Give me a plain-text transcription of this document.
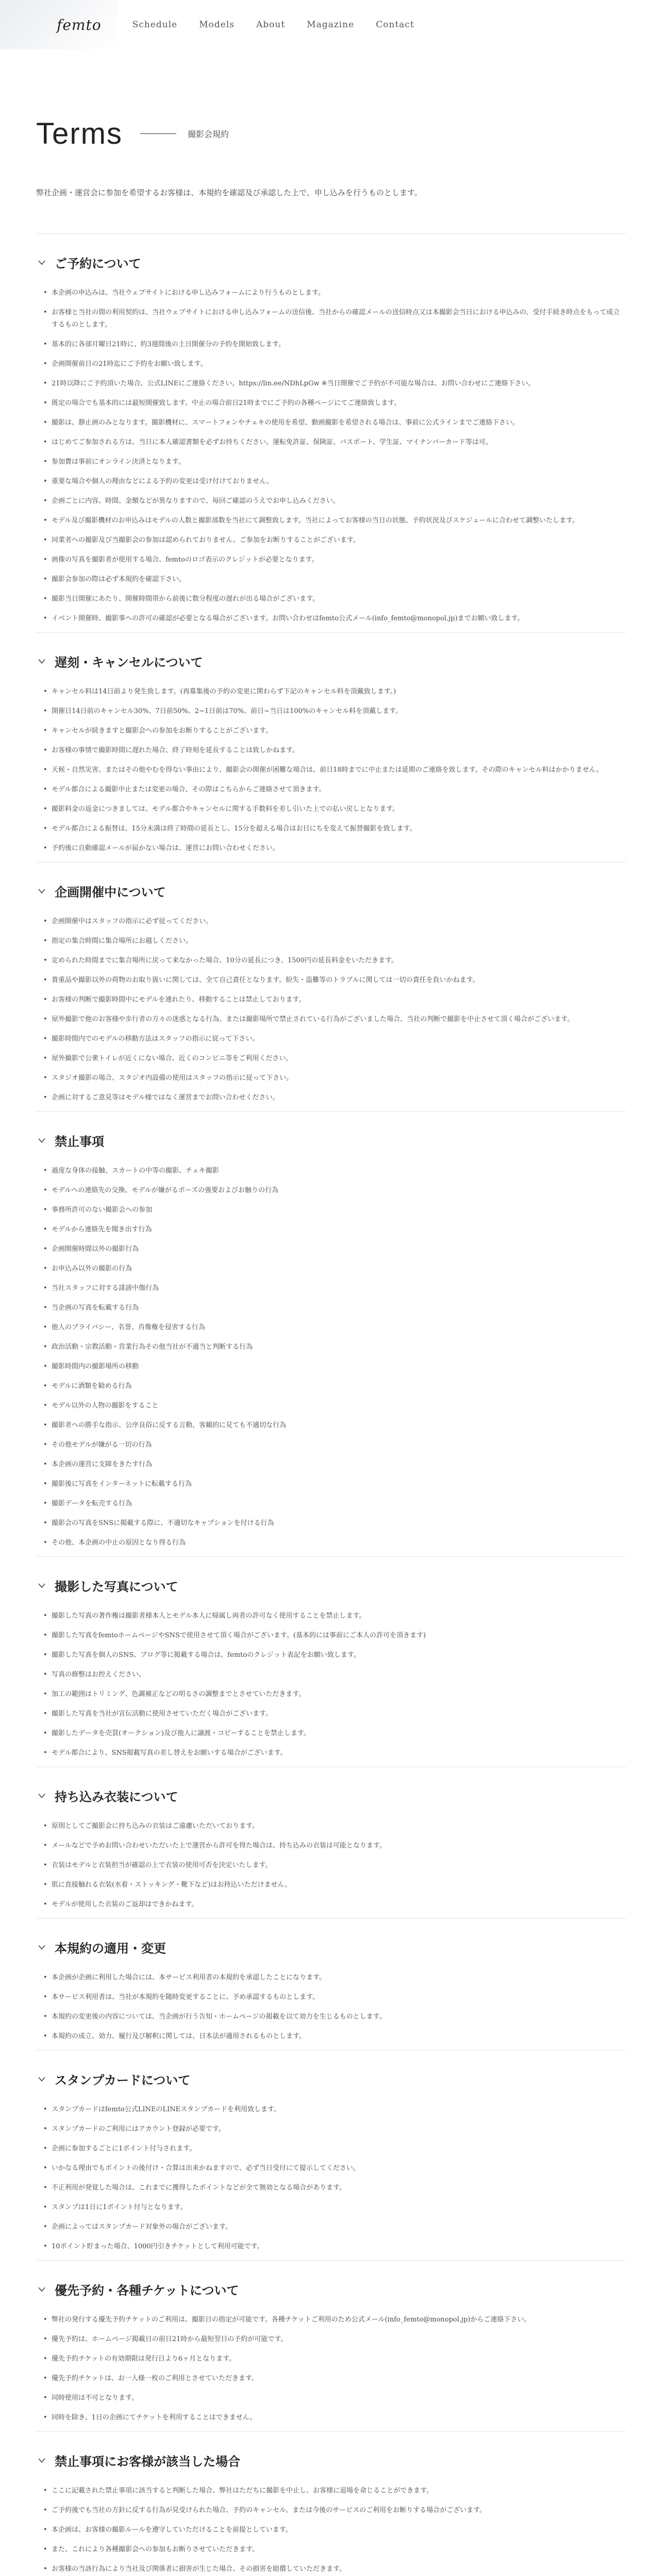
femto	Schedule Models About Magazine Contact
Terms	撮影会規約
弊社企画・運営会に参加を希望するお客様は、本規約を確認及び承認した上で、申し込みを行うものとします。
ご予約について
• 本企画の申込みは、当社ウェブサイトにおける申し込みフォームにより行うものとします。
• お客様と当社の間の利用契約は、当社ウェブサイトにおける申し込みフォームの送信後、当社からの確認メールの送信時点又は本撮影会当日における申込みの、受付手続き時点をもって成立するものとします。
• 基本的に各部月曜日21時に、約3週間後の土日開催分の予約を開始致します。
• 企画開催前日の21時迄にご予約をお願い致します。
• 21時以降にご予約頂いた場合、公式LINEにご連絡ください。https://lin.ee/NDhLpGw ※当日開催でご予約が不可能な場合は、お問い合わせにご連絡下さい。
• 既定の場合でも基本的には最短開催致します。中止の場合前日21時までにご予約の各種ページにてご連絡致します。
• 撮影は、静止画のみとなります。撮影機材に、スマートフォンやチェキの使用を希望、動画撮影を希望される場合は、事前に公式ラインまでご連絡下さい。
• はじめてご参加される方は、当日に本人確認書類を必ずお持ちください。運転免許証、保険証、パスポート、学生証、マイナンバーカード等は可。
• 参加費は事前にオンライン決済となります。
• 重要な場合や個人の理由などによる予約の変更は受け付けておりません。
• 企画ごとに内容、時間、金額などが異なりますので、毎回ご確認のうえでお申し込みください。
• モデル及び撮影機材のお申込みはモデルの人数と撮影部数を当社にて調整致します。当社によってお客様の当日の状態、予約状況及びスケジュールに合わせて調整いたします。
• 同業者への撮影及び当撮影会の参加は認められておりません。ご参加をお断りすることがございます。
• 画像の写真を撮影者が使用する場合、femtoのロゴ表示のクレジットが必要となります。
• 撮影会参加の際は必ず本規約を確認下さい。
• 撮影当日開催にあたり、開催時間帯から前後に数分程度の遅れが出る場合がございます。
• イベント開催時、撮影事への許可の確認が必要となる場合がございます。お問い合わせはfemto公式メール(info_femto@monopol.jp)までお願い致します。
遅刻・キャンセルについて
• キャンセル料は14日前より発生致します。(再募集後の予約の変更に関わらず下記のキャンセル料を頂戴致します。)
• 開催日14日前のキャンセル30%、7日前50%、2~1日前は70%、前日~当日は100%のキャンセル料を頂戴します。
• キャンセルが続きますと撮影会への参加をお断りすることがございます。
• お客様の事情で撮影時間に遅れた場合、終了時刻を延長することは致しかねます。
• 天候・自然災害、またはその他やむを得ない事由により、撮影会の開催が困難な場合は、前日18時までに中止または延期のご連絡を致します。その際のキャンセル料はかかりません。
• モデル都合による撮影中止または変更の場合、その際はこちらからご連絡させて頂きます。
• 撮影料金の返金につきましては、モデル都合やキャンセルに関する手数料を差し引いた上での払い戻しとなります。
• モデル都合による振替は、15分未満は終了時間の延長とし、15分を超える場合はお日にちを変えて振替撮影を致します。
• 予約後に自動確認メールが届かない場合は、運営にお問い合わせください。
企画開催中について
• 企画開催中はスタッフの指示に必ず従ってください。
• 指定の集合時間に集合場所にお越しください。
• 定められた時間までに集合場所に戻って来なかった場合、10分の延長につき、1500円の延長料金をいただきます。
• 貴重品や撮影以外の荷物のお取り扱いに関しては、全て自己責任となります。紛失・盗難等のトラブルに関しては一切の責任を負いかねます。
• お客様の判断で撮影時間中にモデルを連れたり、移動することは禁止しております。
• 屋外撮影で他のお客様や歩行者の方々の迷惑となる行為、または撮影場所で禁止されている行為がございました場合、当社の判断で撮影を中止させて頂く場合がございます。
• 撮影時間内でのモデルの移動方法はスタッフの指示に従って下さい。
• 屋外撮影で公衆トイレが近くにない場合、近くのコンビニ等をご利用ください。
• スタジオ撮影の場合、スタジオ内設備の使用はスタッフの指示に従って下さい。
• 企画に対するご意見等はモデル様ではなく運営までお問い合わせください。
禁止事項
• 過度な身体の接触、スカートの中等の撮影、チェキ撮影
• モデルへの連絡先の交換、モデルが嫌がるポーズの強要およびお触りの行為
• 事務所許可のない撮影会への参加
• モデルから連絡先を聞き出す行為
• 企画開催時間以外の撮影行為
• お申込み以外の撮影の行為
• 当社スタッフに対する誹謗中傷行為
• 当企画の写真を転載する行為
• 他人のプライバシー、名誉、肖像権を侵害する行為
• 政治活動・宗教活動・営業行為その他当社が不適当と判断する行為
• 撮影時間内の撮影場所の移動
• モデルに酒類を勧める行為
• モデル以外の人物の撮影をすること
• 撮影者への勝手な指示、公序良俗に反する言動、客観的に見ても不適切な行為
• その他モデルが嫌がる一切の行為
• 本企画の運営に支障をきたす行為
• 撮影後に写真をインターネットに転載する行為
• 撮影データを転売する行為
• 撮影会の写真をSNSに掲載する際に、不適切なキャプションを付ける行為
• その他、本企画の中止の原因となり得る行為
撮影した写真について
• 撮影した写真の著作権は撮影者様本人とモデル本人に帰属し両者の許可なく使用することを禁止します。
• 撮影した写真をfemtoホームページやSNSで使用させて頂く場合がございます。(基本的には事前にご本人の許可を頂きます)
• 撮影した写真を個人のSNS、ブログ等に掲載する場合は、femtoのクレジット表記をお願い致します。
• 写真の修整はお控えください。
• 加工の範囲はトリミング、色調補正などの明るさの調整までとさせていただきます。
• 撮影した写真を当社が宣伝活動に使用させていただく場合がございます。
• 撮影したデータを売買(オークション)及び他人に譲渡・コピーすることを禁止します。
• モデル都合により、SNS掲載写真の差し替えをお願いする場合がございます。
持ち込み衣装について
• 原則としてご撮影会に持ち込みの衣装はご遠慮いただいております。
• メールなどで予めお問い合わせいただいた上で運営から許可を得た場合は、持ち込みの衣装は可能となります。
• 衣装はモデルと衣装担当が確認の上で衣装の使用可否を決定いたします。
• 肌に直接触れる衣装(水着・ストッキング・靴下など)はお持込いただけません。
• モデルが使用した衣装のご返却はできかねます。
本規約の適用・変更
• 本企画が企画に利用した場合には、本サービス利用者の本規約を承認したことになります。
• 本サービス利用者は、当社が本規約を随時変更することに、予め承認するものとします。
• 本規約の変更後の内容については、当企画が行う告知・ホームページの掲載を以て効力を生じるものとします。
• 本規約の成立、効力、履行及び解釈に関しては、日本法が適用されるものとします。
スタンプカードについて
• スタンプカードはfemto公式LINEのLINEスタンプカードを利用致します。
• スタンプカードのご利用にはアカウント登録が必要です。
• 企画に参加するごとに1ポイント付与されます。
• いかなる理由でもポイントの後付け・合算は出来かねますので、必ず当日受付にて提示してください。
• 不正利用が発覚した場合は、これまでに獲得したポイントなどが全て無効となる場合があります。
• スタンプは1日に1ポイント付与となります。
• 企画によってはスタンプカード対象外の場合がございます。
• 10ポイント貯まった場合、1000円引きチケットとして利用可能です。
優先予約・各種チケットについて
• 弊社の発行する優先予約チケットのご利用は、撮影日の指定が可能です。各種チケットご利用のため公式メール(info_femto@monopol.jp)からご連絡下さい。
• 優先予約は、ホームページ掲載日の前日21時から最短翌日の予約が可能です。
• 優先予約チケットの有効期限は発行日より6ヶ月となります。
• 優先予約チケットは、お一人様一枚のご利用とさせていただきます。
• 同時使用は不可となります。
• 同時を除き、1日の企画にてチケットを利用することはできません。
禁止事項にお客様が該当した場合
• ここに記載された禁止事項に該当すると判断した場合、弊社はただちに撮影を中止し、お客様に退場を命じることができます。
• ご予約後でも当社の方針に反する行為が見受けられた場合、予約のキャンセル、または今後のサービスのご利用をお断りする場合がございます。
• 本企画は、お客様の撮影ルールを遵守していただけることを前提としています。
• また、これにより各種撮影会への参加もお断りさせていただきます。
• お客様の当該行為により当社及び関係者に損害が生じた場合、その損害を賠償していただきます。
